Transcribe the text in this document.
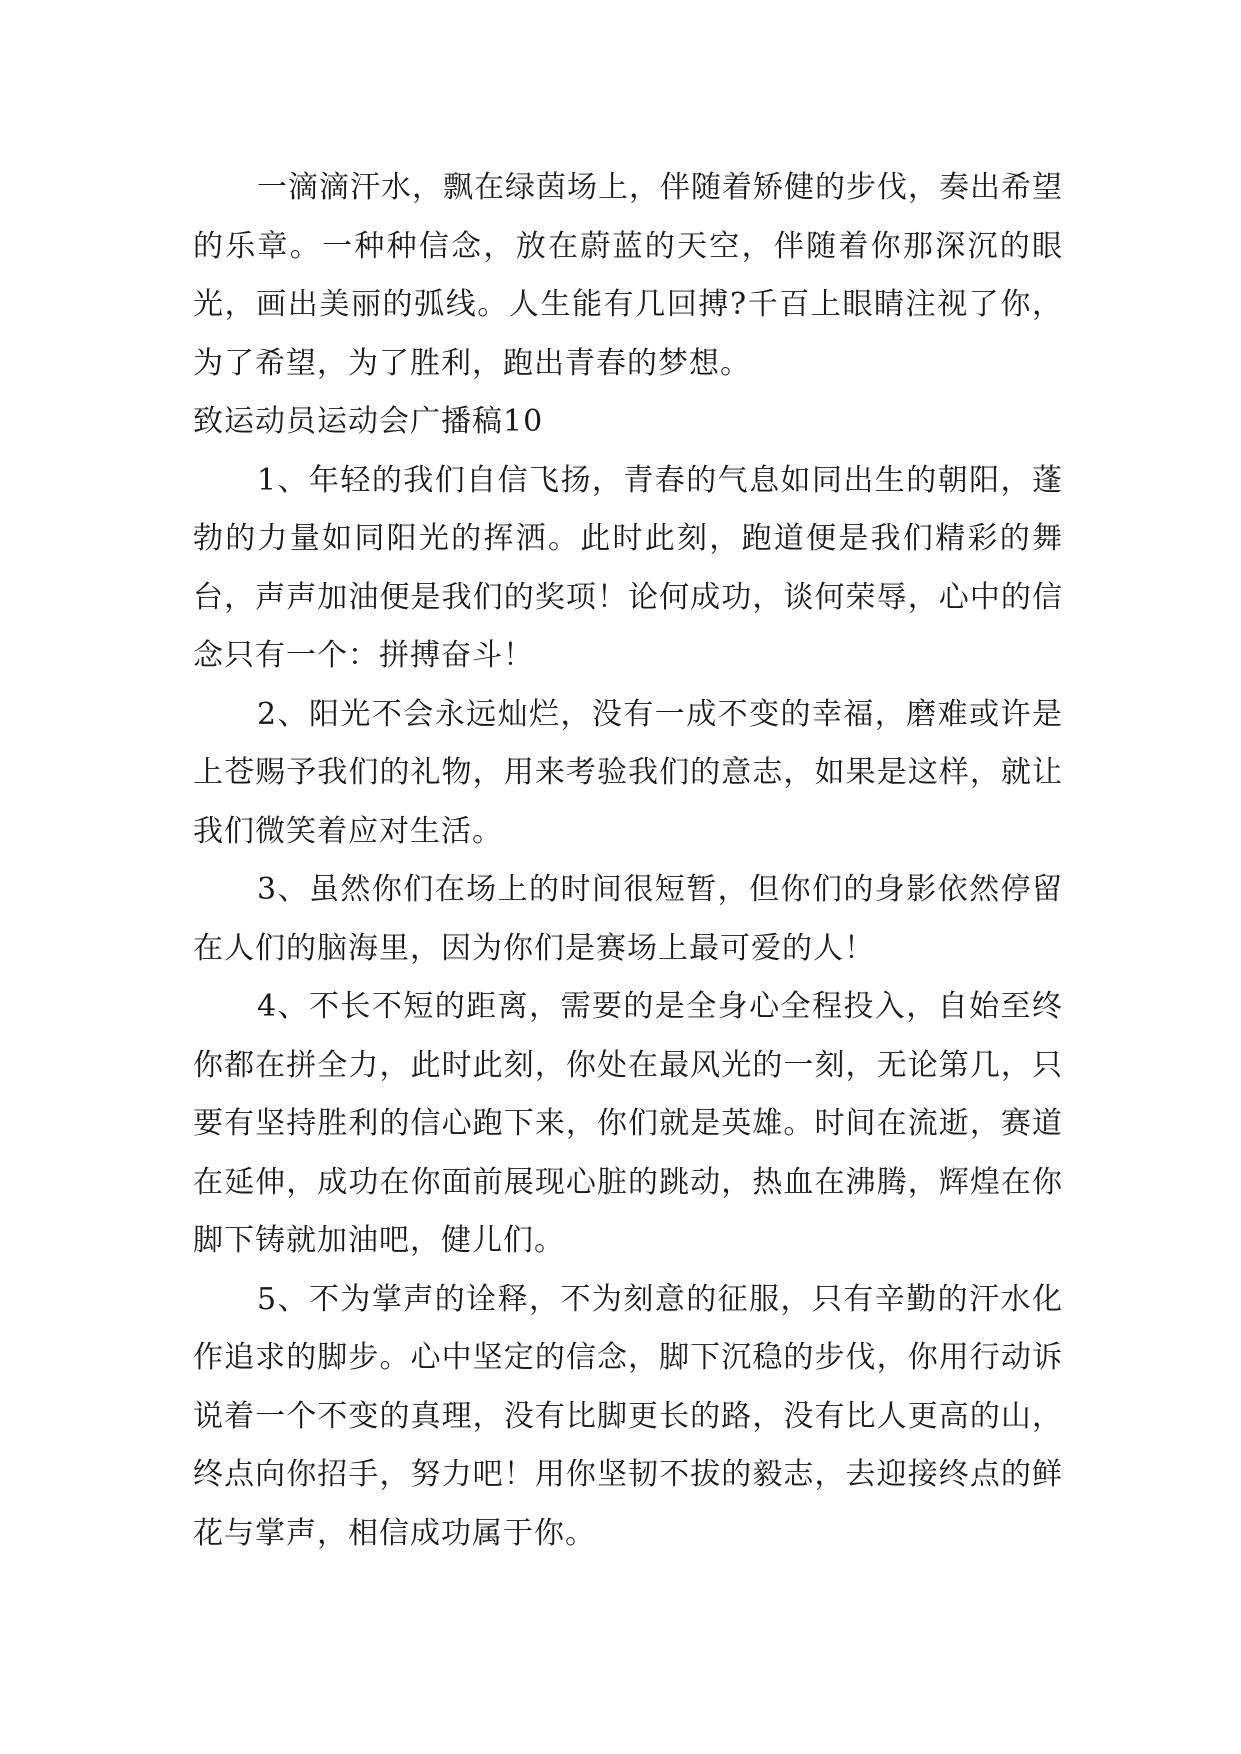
一滴滴汗水，飘在绿茵场上，伴随着矫健的步伐，奏出希望的乐章。一种种信念，放在蔚蓝的天空，伴随着你那深沉的眼光，画出美丽的弧线。人生能有几回搏?千百上眼睛注视了你，为了希望，为了胜利，跑出青春的梦想。

致运动员运动会广播稿10

1、年轻的我们自信飞扬，青春的气息如同出生的朝阳，蓬勃的力量如同阳光的挥洒。此时此刻，跑道便是我们精彩的舞台，声声加油便是我们的奖项！论何成功，谈何荣辱，心中的信念只有一个：拼搏奋斗！

2、阳光不会永远灿烂，没有一成不变的幸福，磨难或许是上苍赐予我们的礼物，用来考验我们的意志，如果是这样，就让我们微笑着应对生活。

3、虽然你们在场上的时间很短暂，但你们的身影依然停留在人们的脑海里，因为你们是赛场上最可爱的人！

4、不长不短的距离，需要的是全身心全程投入，自始至终你都在拼全力，此时此刻，你处在最风光的一刻，无论第几，只要有坚持胜利的信心跑下来，你们就是英雄。时间在流逝，赛道在延伸，成功在你面前展现心脏的跳动，热血在沸腾，辉煌在你脚下铸就加油吧，健儿们。

5、不为掌声的诠释，不为刻意的征服，只有辛勤的汗水化作追求的脚步。心中坚定的信念，脚下沉稳的步伐，你用行动诉说着一个不变的真理，没有比脚更长的路，没有比人更高的山，终点向你招手，努力吧！用你坚韧不拔的毅志，去迎接终点的鲜花与掌声，相信成功属于你。
